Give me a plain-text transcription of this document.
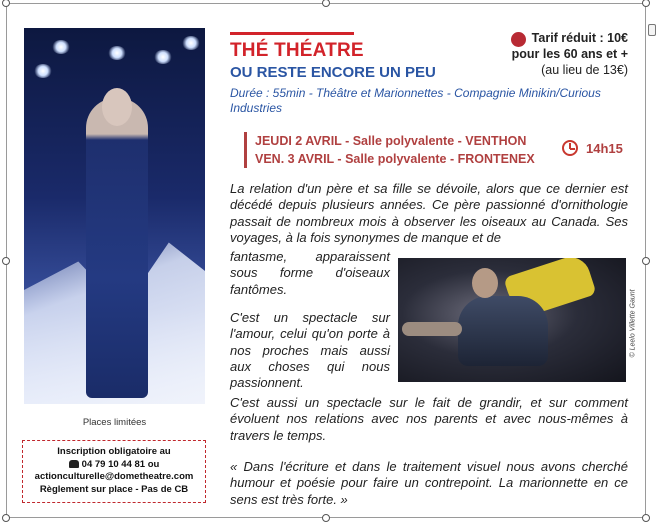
THÉ THÉATRE
OU RESTE ENCORE UN PEU
Durée : 55min - Théâtre et Marionnettes - Compagnie Minikin/Curious Industries
Tarif réduit : 10€
pour les 60 ans et +
(au lieu de 13€)
JEUDI 2 AVRIL - Salle polyvalente - VENTHON
VEN. 3 AVRIL - Salle polyvalente - FRONTENEX
14h15

La relation d'un père et sa fille se dévoile, alors que ce dernier est décédé depuis plusieurs années. Ce père passionné d'ornithologie passait de nombreux mois à observer les oiseaux au Canada. Ses voyages, à la fois synonymes de manque et de

fantasme, apparaissent sous forme d'oiseaux fantômes.

C'est un spectacle sur l'amour, celui qu'on porte à nos proches mais aussi aux choses qui nous passionnent.

C'est aussi un spectacle sur le fait de grandir, et sur comment évoluent nos relations avec nos parents et avec nous-mêmes à travers le temps.

« Dans l'écriture et dans le traitement visuel nous avons cherché humour et poésie pour faire un contrepoint. La marionnette en ce sens est très forte. »

© Leelo Villette Gaunt
Places limitées
Inscription obligatoire au
04 79 10 44 81 ou
actionculturelle@dometheatre.com
Règlement sur place - Pas de CB
